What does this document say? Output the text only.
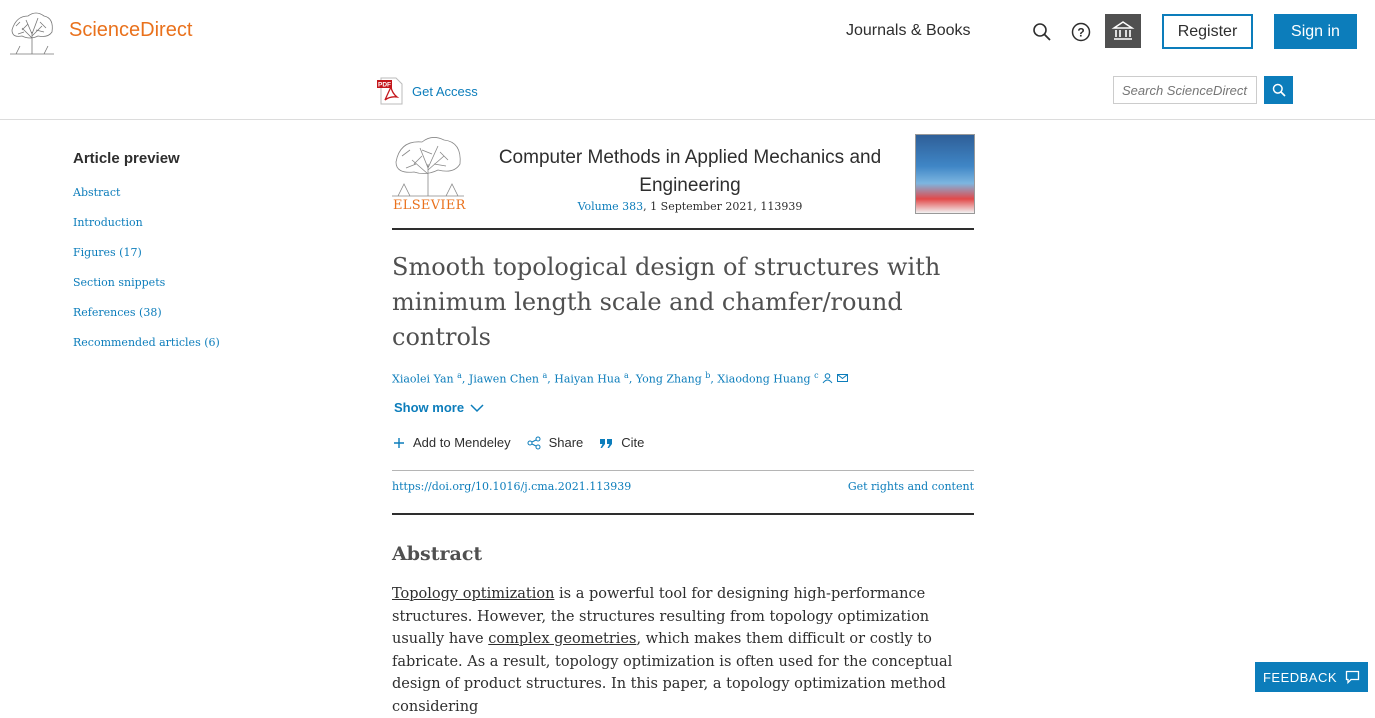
ScienceDirect	Journals & Books	?	Register	Sign in
PDF Get Access
Search ScienceDirect
Article preview
Abstract
Introduction
Figures (17)
Section snippets
References (38)
Recommended articles (6)
ELSEVIER
Computer Methods in Applied Mechanics and Engineering
Volume 383, 1 September 2021, 113939
Smooth topological design of structures with minimum length scale and chamfer/round controls
Xiaolei Yan $^a$, Jiawen Chen $^a$, Haiyan Hua $^a$, Yong Zhang $^b$, Xiaodong Huang $^c$
Show more
Add to Mendeley	Share	Cite
https://doi.org/10.1016/j.cma.2021.113939	Get rights and content
Abstract
Topology optimization is a powerful tool for designing high-performance structures. However, the structures resulting from topology optimization usually have complex geometries, which makes them difficult or costly to fabricate. As a result, topology optimization is often used for the conceptual design of product structures. In this paper, a topology optimization method considering
FEEDBACK
